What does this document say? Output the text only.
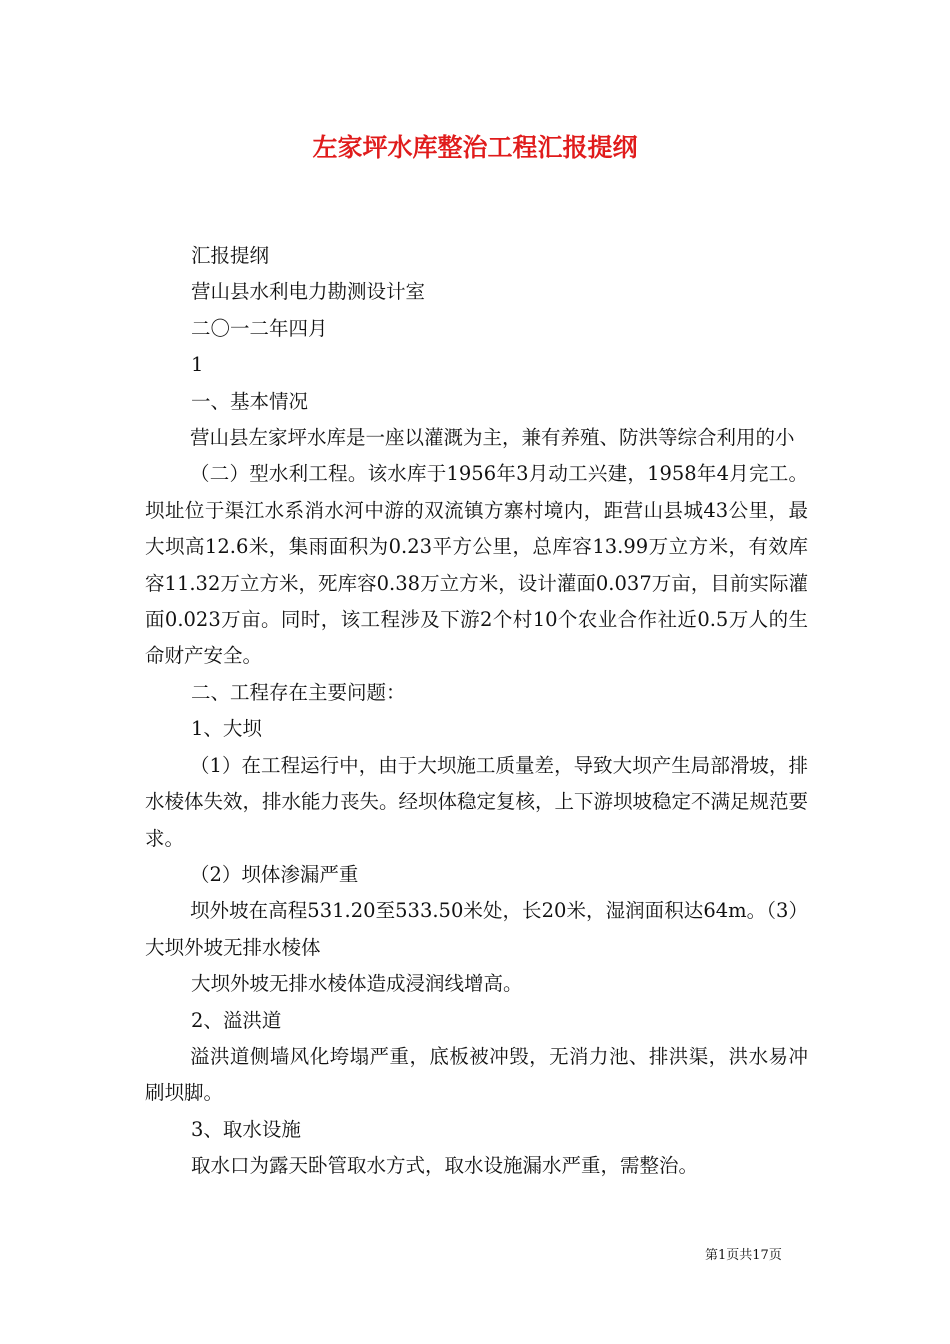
左家坪水库整治工程汇报提纲

汇报提纲

营山县水利电力勘测设计室

二〇一二年四月

1

一、基本情况

营山县左家坪水库是一座以灌溉为主，兼有养殖、防洪等综合利用的小

（二）型水利工程。该水库于1956年3月动工兴建，1958年4月完工。坝址位于渠江水系消水河中游的双流镇方寨村境内，距营山县城43公里，最大坝高12.6米，集雨面积为0.23平方公里，总库容13.99万立方米，有效库容11.32万立方米，死库容0.38万立方米，设计灌面0.037万亩，目前实际灌面0.023万亩。同时，该工程涉及下游2个村10个农业合作社近0.5万人的生命财产安全。

二、工程存在主要问题：

1、大坝

（1）在工程运行中，由于大坝施工质量差，导致大坝产生局部滑坡，排水棱体失效，排水能力丧失。经坝体稳定复核，上下游坝坡稳定不满足规范要求。

（2）坝体渗漏严重

坝外坡在高程531.20至533.50米处，长20米，湿润面积达64m。（3）大坝外坡无排水棱体

大坝外坡无排水棱体造成浸润线增高。

2、溢洪道

溢洪道侧墙风化垮塌严重，底板被冲毁，无消力池、排洪渠，洪水易冲刷坝脚。

3、取水设施

取水口为露天卧管取水方式，取水设施漏水严重，需整治。

第1页共17页
